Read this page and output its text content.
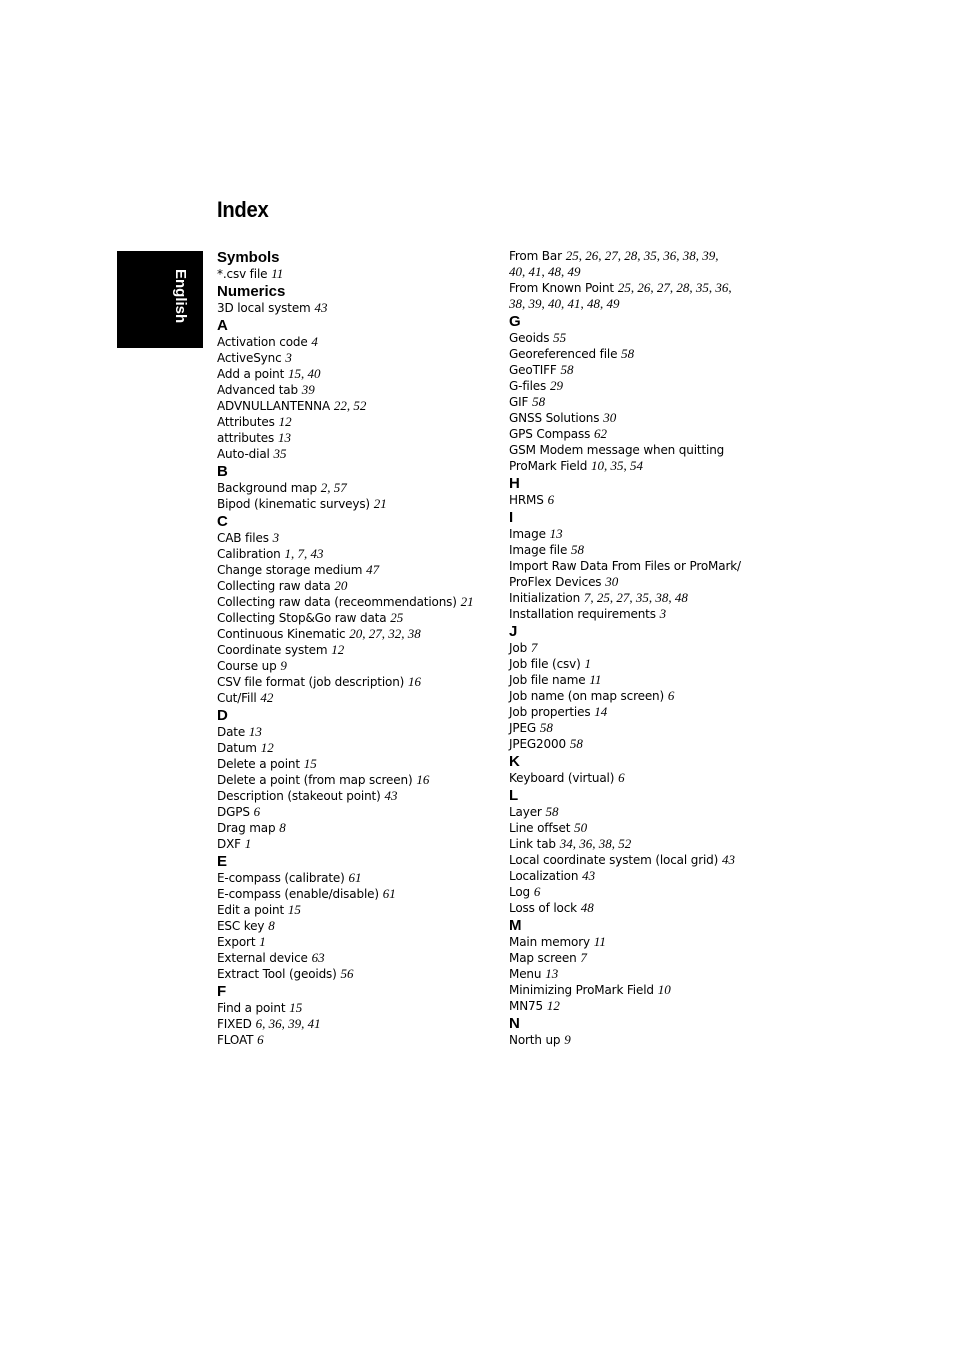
Index
English
Symbols
*.csv file 11
Numerics
3D local system 43
A
Activation code 4
ActiveSync 3
Add a point 15, 40
Advanced tab 39
ADVNULLANTENNA 22, 52
Attributes 12
attributes 13
Auto-dial 35
B
Background map 2, 57
Bipod (kinematic surveys) 21
C
CAB files 3
Calibration 1, 7, 43
Change storage medium 47
Collecting raw data 20
Collecting raw data (receommendations) 21
Collecting Stop&Go raw data 25
Continuous Kinematic 20, 27, 32, 38
Coordinate system 12
Course up 9
CSV file format (job description) 16
Cut/Fill 42
D
Date 13
Datum 12
Delete a point 15
Delete a point (from map screen) 16
Description (stakeout point) 43
DGPS 6
Drag map 8
DXF 1
E
E-compass (calibrate) 61
E-compass (enable/disable) 61
Edit a point 15
ESC key 8
Export 1
External device 63
Extract Tool (geoids) 56
F
Find a point 15
FIXED 6, 36, 39, 41
FLOAT 6
From Bar 25, 26, 27, 28, 35, 36, 38, 39,
40, 41, 48, 49
From Known Point 25, 26, 27, 28, 35, 36,
38, 39, 40, 41, 48, 49
G
Geoids 55
Georeferenced file 58
GeoTIFF 58
G-files 29
GIF 58
GNSS Solutions 30
GPS Compass 62
GSM Modem message when quitting
ProMark Field 10, 35, 54
H
HRMS 6
I
Image 13
Image file 58
Import Raw Data From Files or ProMark/
ProFlex Devices 30
Initialization 7, 25, 27, 35, 38, 48
Installation requirements 3
J
Job 7
Job file (csv) 1
Job file name 11
Job name (on map screen) 6
Job properties 14
JPEG 58
JPEG2000 58
K
Keyboard (virtual) 6
L
Layer 58
Line offset 50
Link tab 34, 36, 38, 52
Local coordinate system (local grid) 43
Localization 43
Log 6
Loss of lock 48
M
Main memory 11
Map screen 7
Menu 13
Minimizing ProMark Field 10
MN75 12
N
North up 9
